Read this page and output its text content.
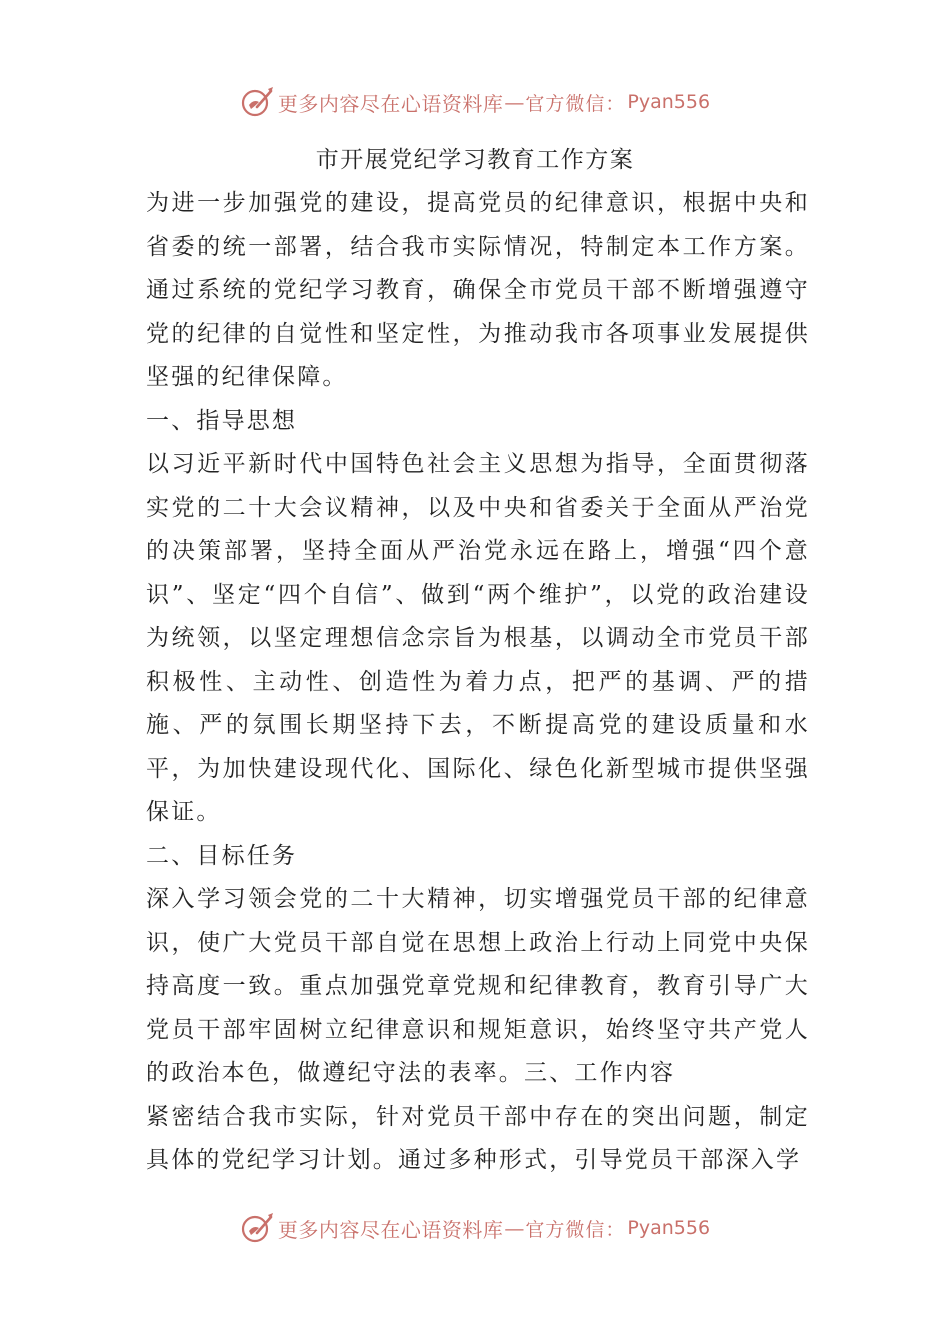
更多内容尽在心语资料库 — 官方微信： Pyan556
市开展党纪学习教育工作方案

为进一步加强党的建设，提高党员的纪律意识，根据中央和省委的统一部署，结合我市实际情况，特制定本工作方案。通过系统的党纪学习教育，确保全市党员干部不断增强遵守党的纪律的自觉性和坚定性，为推动我市各项事业发展提供坚强的纪律保障。

一、指导思想

以习近平新时代中国特色社会主义思想为指导，全面贯彻落实党的二十大会议精神，以及中央和省委关于全面从严治党的决策部署，坚持全面从严治党永远在路上，增强“四个意识”、坚定“四个自信”、做到“两个维护”，以党的政治建设为统领，以坚定理想信念宗旨为根基，以调动全市党员干部积极性、主动性、创造性为着力点，把严的基调、严的措施、严的氛围长期坚持下去，不断提高党的建设质量和水平，为加快建设现代化、国际化、绿色化新型城市提供坚强保证。

二、目标任务

深入学习领会党的二十大精神，切实增强党员干部的纪律意识，使广大党员干部自觉在思想上政治上行动上同党中央保持高度一致。重点加强党章党规和纪律教育，教育引导广大党员干部牢固树立纪律意识和规矩意识，始终坚守共产党人的政治本色，做遵纪守法的表率。三、工作内容

紧密结合我市实际，针对党员干部中存在的突出问题，制定具体的党纪学习计划。通过多种形式，引导党员干部深入学

更多内容尽在心语资料库 — 官方微信： Pyan556
